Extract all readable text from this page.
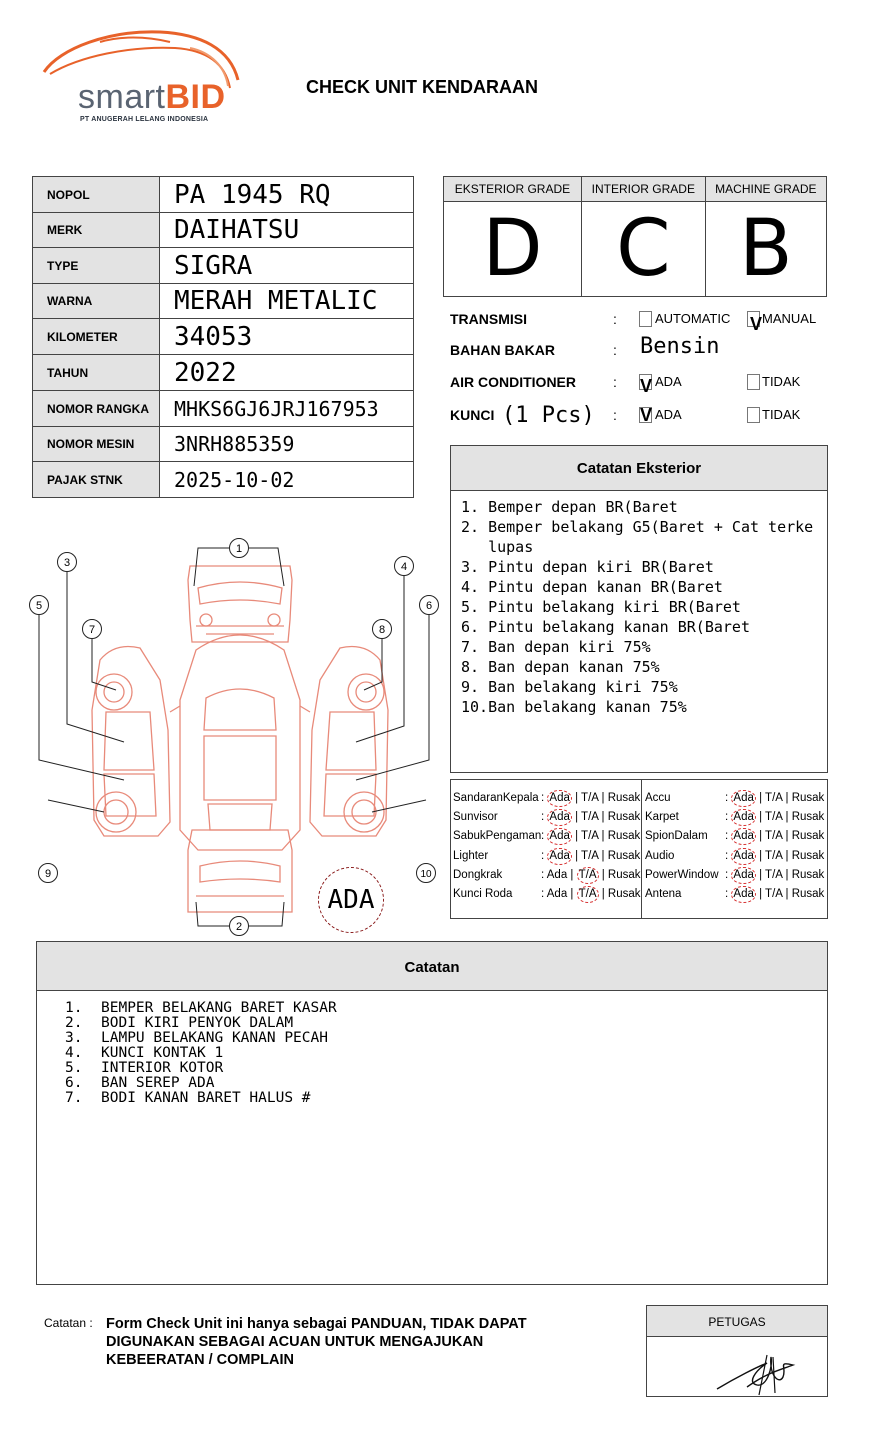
smartBID
PT ANUGERAH LELANG INDONESIA
CHECK UNIT KENDARAAN
NOPOL	PA 1945 RQ
MERK	DAIHATSU
TYPE	SIGRA
WARNA	MERAH METALIC
KILOMETER	34053
TAHUN	2022
NOMOR RANGKA	MHKS6GJ6JRJ167953
NOMOR MESIN	3NRH885359
PAJAK STNK	2025-10-02
EKSTERIOR GRADE	INTERIOR GRADE	MACHINE GRADE
D	C	B
TRANSMISI	:	AUTOMATIC V MANUAL
BAHAN BAKAR	: Bensin
AIR CONDITIONER	: V ADA	TIDAK
KUNCI (1 Pcs) : V ADA	TIDAK
Catatan Eksterior
1. Bemper depan BR(Baret
2. Bemper belakang G5(Baret + Cat terke
lupas
3. Pintu depan kiri BR(Baret
4. Pintu depan kanan BR(Baret
5. Pintu belakang kiri BR(Baret
6. Pintu belakang kanan BR(Baret
7. Ban depan kiri 75%
8. Ban depan kanan 75%
9. Ban belakang kiri 75%
10.Ban belakang kanan 75%
SandaranKepala : Ada | T/A | Rusak
Sunvisor	: Ada | T/A | Rusak
SabukPengaman: Ada | T/A | Rusak
Lighter	: Ada | T/A | Rusak
Dongkrak	: Ada | T/A | Rusak
Kunci Roda : Ada | T/A | Rusak
Accu	: Ada | T/A | Rusak
Karpet	: Ada | T/A | Rusak
SpionDalam : Ada | T/A | Rusak
Audio	: Ada | T/A | Rusak
PowerWindow : Ada | T/A | Rusak
Antena	: Ada | T/A | Rusak
1
2
3	4
5	6
7	8
9	10
ADA
Catatan
1. BEMPER BELAKANG BARET KASAR
2. BODI KIRI PENYOK DALAM
3. LAMPU BELAKANG KANAN PECAH
4. KUNCI KONTAK 1
5. INTERIOR KOTOR
6. BAN SEREP ADA
7. BODI KANAN BARET HALUS #
Catatan : Form Check Unit ini hanya sebagai PANDUAN, TIDAK DAPAT DIGUNAKAN SEBAGAI ACUAN UNTUK MENGAJUKAN KEBEERATAN / COMPLAIN
PETUGAS
